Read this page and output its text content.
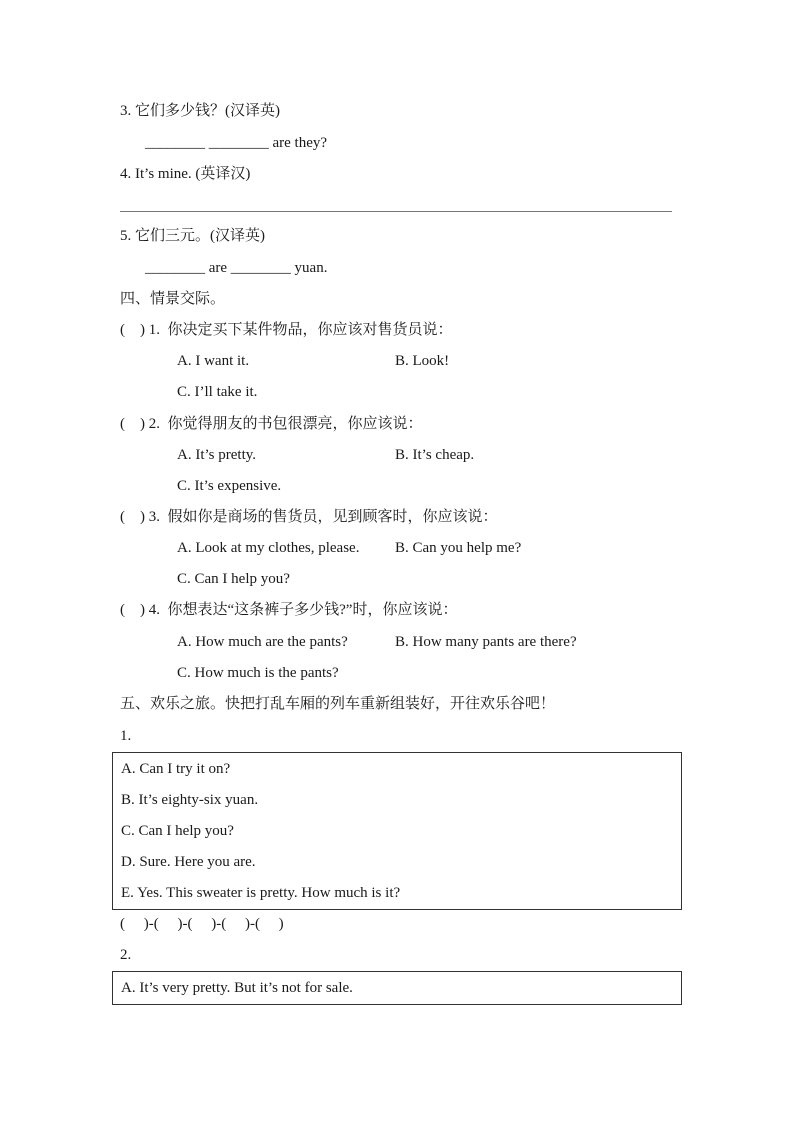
3. 它们多少钱？(汉译英)
________ ________ are they?
4. It’s mine. (英译汉)
5. 它们三元。(汉译英)
________ are ________ yuan.
四、情景交际。
(    ) 1.  你决定买下某件物品，你应该对售货员说：
A. I want it.	B. Look!
C. I’ll take it.
(    ) 2.  你觉得朋友的书包很漂亮，你应该说：
A. It’s pretty.	B. It’s cheap.
C. It’s expensive.
(    ) 3.  假如你是商场的售货员，见到顾客时，你应该说：
A. Look at my clothes, please. B. Can you help me?
C. Can I help you?
(    ) 4.  你想表达“这条裤子多少钱?”时，你应该说：
A. How much are the pants?	B. How many pants are there?
C. How much is the pants?
五、欢乐之旅。快把打乱车厢的列车重新组装好，开往欢乐谷吧！
1.
A. Can I try it on?
B. It’s eighty-six yuan.
C. Can I help you?
D. Sure. Here you are.
E. Yes. This sweater is pretty. How much is it?
(     )-(     )-(     )-(     )-(     )
2.
A. It’s very pretty. But it’s not for sale.
